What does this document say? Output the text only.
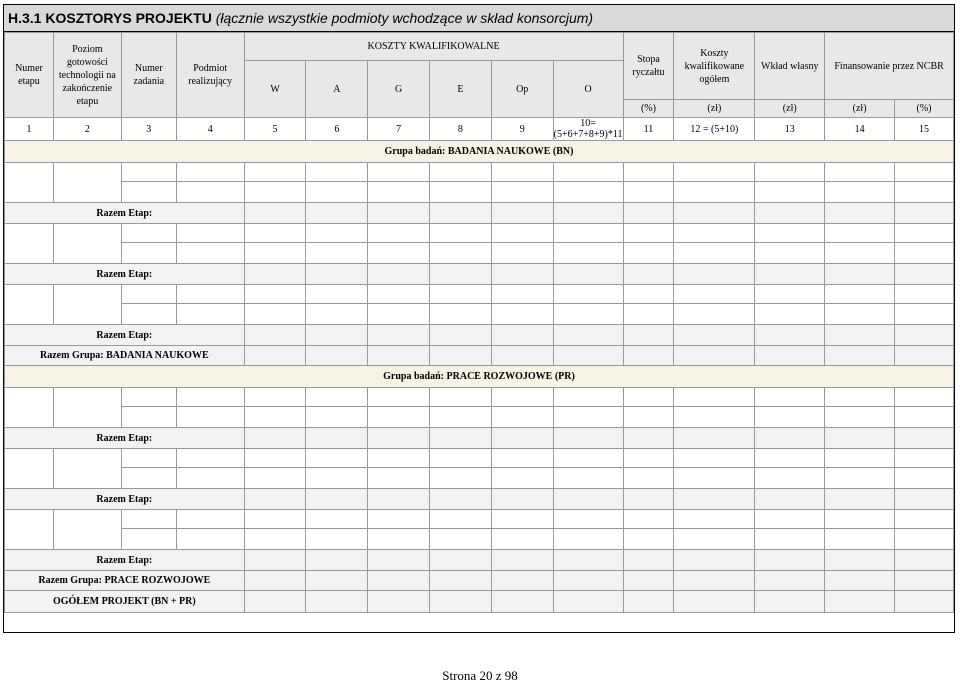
H.3.1 KOSZTORYS PROJEKTU (łącznie wszystkie podmioty wchodzące w skład konsorcjum)
Numer etapu	Poziom gotowości technologii na zakończenie etapu	Numer zadania	Podmiot realizujący	KOSZTY KWALIFIKOWALNE						Stopa ryczałtu	Koszty kwalifikowane ogółem	Wkład własny	Finansowanie przez NCBR	
				W	A	G	E	Op	O					
										(%)	(zł)	(zł)	(zł)	(%)
1	2	3	4	5	6	7	8	9	10=(5+6+7+8+9)*11	11	12 = (5+10)	13	14	15
Grupa badań: BADANIA NAUKOWE (BN)														

Razem Etap:														

Razem Etap:														

Razem Etap:														
Razem Grupa: BADANIA NAUKOWE														
Grupa badań: PRACE ROZWOJOWE (PR)														

Razem Etap:														

Razem Etap:														

Razem Etap:														
Razem Grupa: PRACE ROZWOJOWE														
OGÓŁEM PROJEKT (BN + PR)														
Strona 20 z 98
